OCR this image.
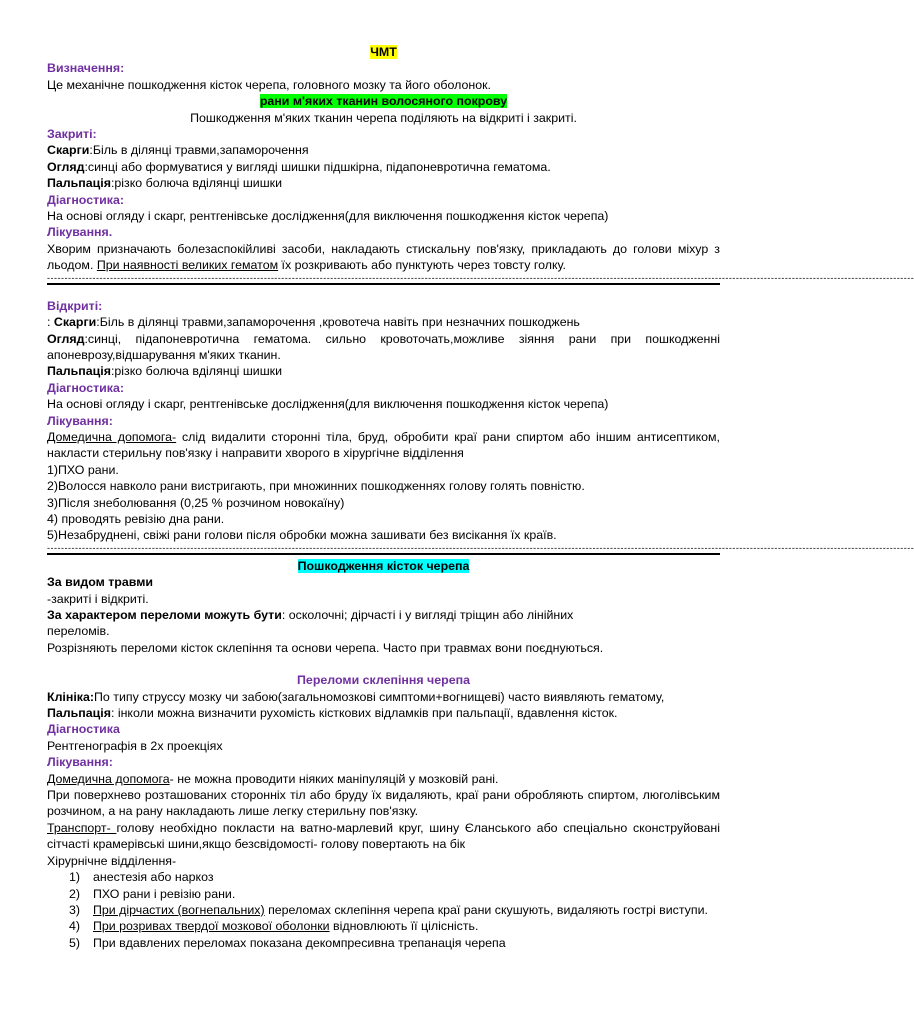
ЧМТ

Визначення:

Це механічне пошкодження кісток черепа, головного мозку та його оболонок.

рани м'яких тканин волосяного покрову

Пошкодження м'яких тканин черепа поділяють на відкриті і закриті.

Закриті:

Скарги:Біль в ділянці травми,запаморочення

Огляд:синці або формуватися у вигляді шишки підшкірна, підапоневротична гематома.

Пальпація:різко болюча вділянці шишки

Діагностика:

На основі огляду і скарг, рентгенівське дослідження(для виключення пошкодження кісток черепа)

Лікування.

Хворим призначають болезаспокійливі засоби, накладають стискальну пов'язку, прикладають до голови міхур з льодом. При наявності великих гематом їх розкривають або пунктують через товсту голку.

--------------------------------------------------------------------------------------------------------------------------------------------------------------------------------------------------------------------------------------------------------

Відкриті:

: Скарги:Біль в ділянці травми,запаморочення ,кровотеча навіть при незначних пошкоджень

Огляд:синці, підапоневротична гематома. сильно кровоточать,можливе зіяння рани при пошкодженні апоневрозу,відшарування м'яких тканин.

Пальпація:різко болюча вділянці шишки

Діагностика:

На основі огляду і скарг, рентгенівське дослідження(для виключення пошкодження кісток черепа)

Лікування:

Домедична допомога- слід видалити сторонні тіла, бруд, обробити краї рани спиртом або іншим антисептиком, накласти стерильну пов'язку і направити хворого в хірургічне відділення

1)ПХО рани.

2)Волосся навколо рани вистригають, при множинних пошкодженнях голову голять повністю.

3)Після знеболювання (0,25 % розчином новокаїну)

4) проводять ревізію дна рани.

5)Незабруднені, свіжі рани голови після обробки можна зашивати без висікання їх країв.

--------------------------------------------------------------------------------------------------------------------------------------------------------------------------------------------------------------------------------------------------------

Пошкодження кісток черепа

За видом травми

-закриті і відкриті.

За характером переломи можуть бути: осколочні; дірчасті і у вигляді тріщин або лінійних

переломів.

Розрізняють переломи кісток склепіння та основи черепа. Часто при травмах вони поєднуються.

Переломи склепіння черепа

Клініка:По типу струссу мозку чи забою(загальномозкові симптоми+вогнищеві) часто виявляють гематому,

Пальпація: інколи можна визначити рухомість кісткових відламків при пальпації, вдавлення кісток.

Діагностика

Рентгенографія в 2х проекціях

Лікування:

Домедична допомога- не можна проводити ніяких маніпуляцій у мозковій рані.

При поверхнево розташованих сторонніх тіл або бруду їх видаляють, краї рани обробляють спиртом, люголівським розчином, а на рану накладають лише легку стерильну пов'язку.

Транспорт- голову необхідно покласти на ватно-марлевий круг, шину Єланського або спеціально сконструйовані сітчасті крамерівські шини,якщо безсвідомості- голову повертають на бік

Хірурнічне відділення-

1) анестезія або наркоз
2) ПХО рани і ревізію рани.
3) При дірчастих (вогнепальних) переломах склепіння черепа краї рани скушують, видаляють гострі виступи.
4) При розривах твердої мозкової оболонки відновлюють її цілісність.
5) При вдавлених переломах показана декомпресивна трепанація черепа
